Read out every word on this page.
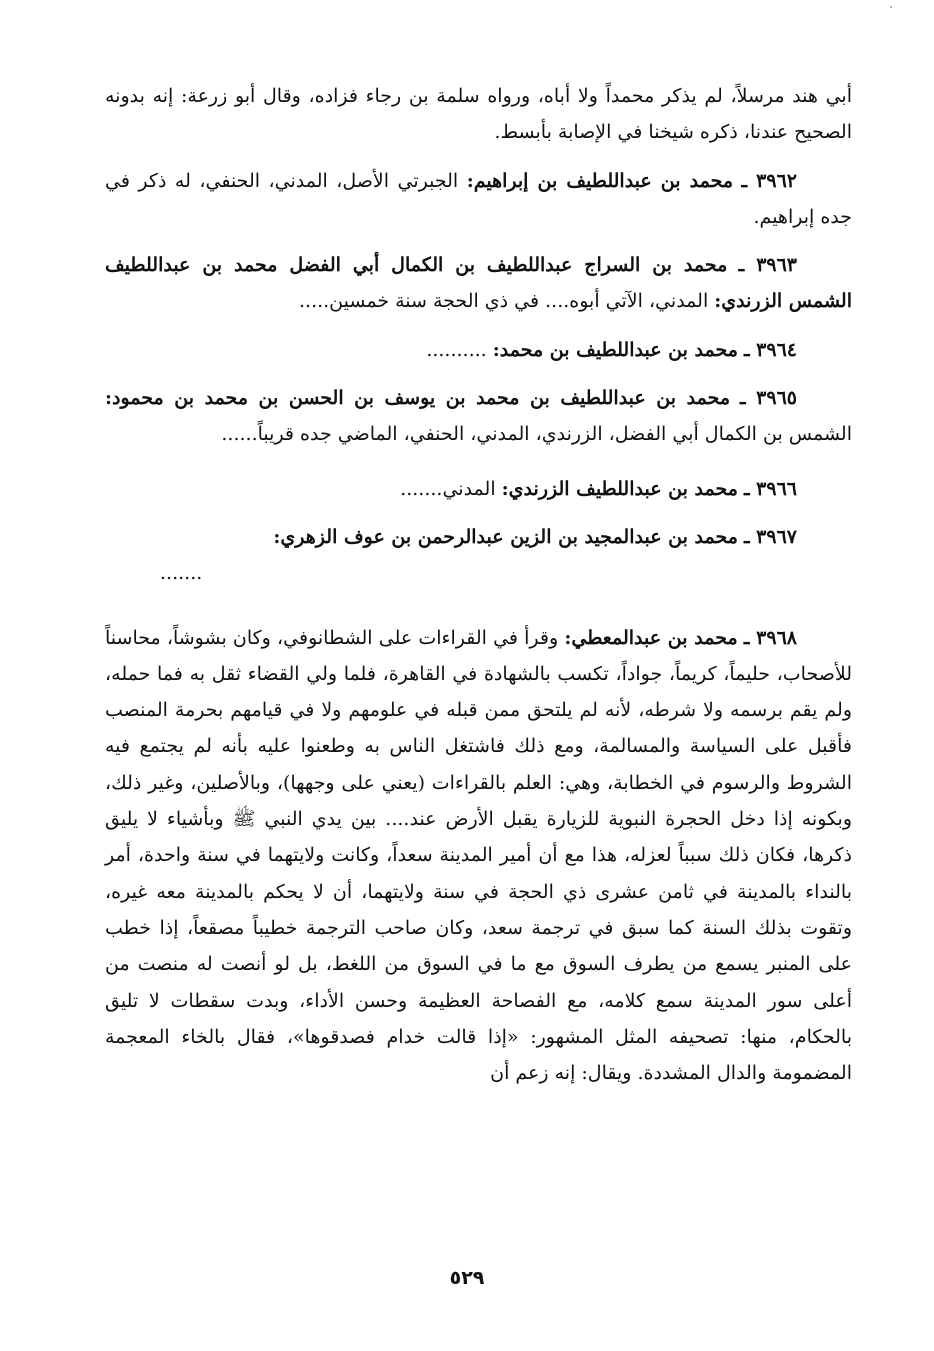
أبي هند مرسلاً، لم يذكر محمداً ولا أباه، ورواه سلمة بن رجاء فزاده، وقال أبو زرعة: إنه بدونه الصحيح عندنا، ذكره شيخنا في الإصابة بأبسط.

٣٩٦٢ ـ محمد بن عبداللطيف بن إبراهيم: الجبرتي الأصل، المدني، الحنفي، له ذكر في جده إبراهيم.

٣٩٦٣ ـ محمد بن السراج عبداللطيف بن الكمال أبي الفضل محمد بن عبداللطيف الشمس الزرندي: المدني، الآتي أبوه.... في ذي الحجة سنة خمسين.....

٣٩٦٤ ـ محمد بن عبداللطيف بن محمد: ..........

٣٩٦٥ ـ محمد بن عبداللطيف بن محمد بن يوسف بن الحسن بن محمد بن محمود: الشمس بن الكمال أبي الفضل، الزرندي، المدني، الحنفي، الماضي جده قريباً......

٣٩٦٦ ـ محمد بن عبداللطيف الزرندي: المدني.......

٣٩٦٧ ـ محمد بن عبدالمجيد بن الزين عبدالرحمن بن عوف الزهري:
.......

٣٩٦٨ ـ محمد بن عبدالمعطي: وقرأ في القراءات على الشطانوفي، وكان بشوشاً، محاسناً للأصحاب، حليماً، كريماً، جواداً، تكسب بالشهادة في القاهرة، فلما ولي القضاء ثقل به فما حمله، ولم يقم برسمه ولا شرطه، لأنه لم يلتحق ممن قبله في علومهم ولا في قيامهم بحرمة المنصب فأقبل على السياسة والمسالمة، ومع ذلك فاشتغل الناس به وطعنوا عليه بأنه لم يجتمع فيه الشروط والرسوم في الخطابة، وهي: العلم بالقراءات (يعني على وجهها)، وبالأصلين، وغير ذلك، وبكونه إذا دخل الحجرة النبوية للزيارة يقبل الأرض عند.... بين يدي النبي ﷺ وبأشياء لا يليق ذكرها، فكان ذلك سبباً لعزله، هذا مع أن أمير المدينة سعداً، وكانت ولايتهما في سنة واحدة، أمر بالنداء بالمدينة في ثامن عشرى ذي الحجة في سنة ولايتهما، أن لا يحكم بالمدينة معه غيره، وتقوت بذلك السنة كما سبق في ترجمة سعد، وكان صاحب الترجمة خطيباً مصقعاً، إذا خطب على المنبر يسمع من يطرف السوق مع ما في السوق من اللغط، بل لو أنصت له منصت من أعلى سور المدينة سمع كلامه، مع الفصاحة العظيمة وحسن الأداء، وبدت سقطات لا تليق بالحكام، منها: تصحيفه المثل المشهور: «إذا قالت خدام فصدقوها»، فقال بالخاء المعجمة المضمومة والدال المشددة. ويقال: إنه زعم أن

٥٢٩
